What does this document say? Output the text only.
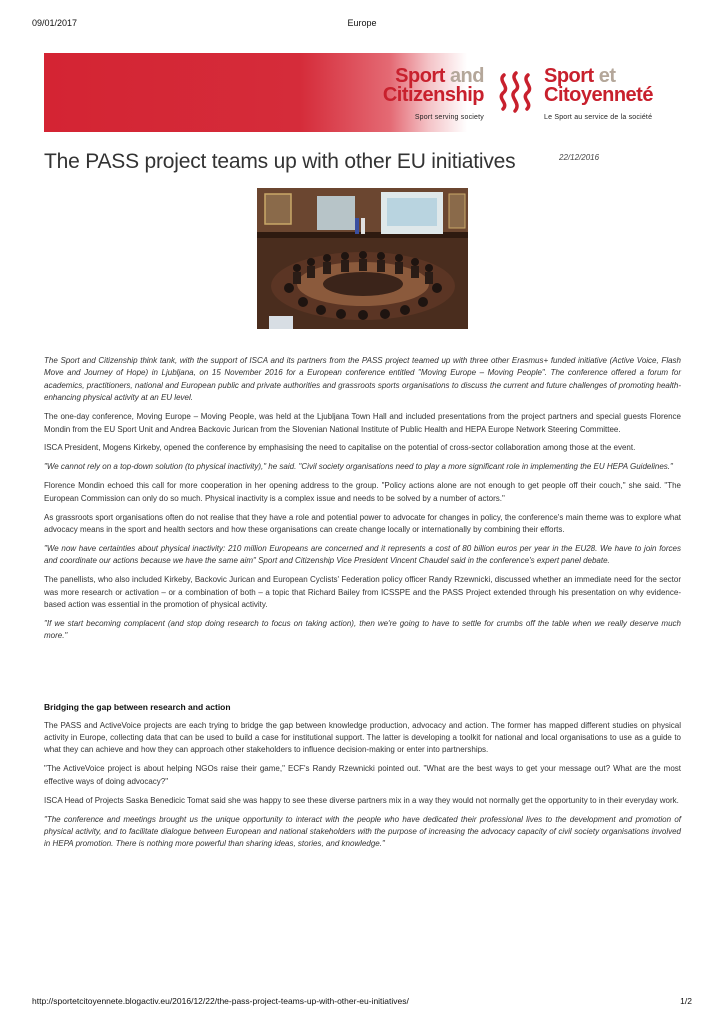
09/01/2017	Europe
Sport and
Citizenship
Sport serving society
Sport et
Citoyenneté
Le Sport au service de la société
The PASS project teams up with other EU initiatives	22/12/2016

The Sport and Citizenship think tank, with the support of ISCA and its partners from the PASS project teamed up with three other Erasmus+ funded initiative (Active Voice, Flash Move and Journey of Hope) in Ljubljana, on 15 November 2016 for a European conference entitled "Moving Europe – Moving People". The conference offered a forum for academics, practitioners, national and European public and private authorities and grassroots sports organisations to discuss the current and future challenges of promoting health-enhancing physical activity at an EU level.

The one-day conference, Moving Europe – Moving People, was held at the Ljubljana Town Hall and included presentations from the project partners and special guests Florence Mondin from the EU Sport Unit and Andrea Backovic Jurican from the Slovenian National Institute of Public Health and HEPA Europe Network Steering Committee.

ISCA President, Mogens Kirkeby, opened the conference by emphasising the need to capitalise on the potential of cross-sector collaboration among those at the event.

"We cannot rely on a top-down solution (to physical inactivity)," he said. "Civil society organisations need to play a more significant role in implementing the EU HEPA Guidelines."

Florence Mondin echoed this call for more cooperation in her opening address to the group. "Policy actions alone are not enough to get people off their couch," she said. "The European Commission can only do so much. Physical inactivity is a complex issue and needs to be solved by a number of actors."

As grassroots sport organisations often do not realise that they have a role and potential power to advocate for changes in policy, the conference's main theme was to explore what advocacy means in the sport and health sectors and how these organisations can create change locally or internationally by combining their efforts.

"We now have certainties about physical inactivity: 210 million Europeans are concerned and it represents a cost of 80 billion euros per year in the EU28. We have to join forces and coordinate our actions because we have the same aim" Sport and Citizenship Vice President Vincent Chaudel said in the conference's expert panel debate.

The panellists, who also included Kirkeby, Backovic Jurican and European Cyclists' Federation policy officer Randy Rzewnicki, discussed whether an immediate need for the sector was more research or activation – or a combination of both – a topic that Richard Bailey from ICSSPE and the PASS Project extended through his presentation on why evidence-based action was essential in the promotion of physical activity.

"If we start becoming complacent (and stop doing research to focus on taking action), then we're going to have to settle for crumbs off the table when we really deserve much more."

Bridging the gap between research and action

The PASS and ActiveVoice projects are each trying to bridge the gap between knowledge production, advocacy and action. The former has mapped different studies on physical activity in Europe, collecting data that can be used to build a case for institutional support. The latter is developing a toolkit for national and local organisations to use as a guide to what they can achieve and how they can approach other stakeholders to influence decision-making or enter into partnerships.

"The ActiveVoice project is about helping NGOs raise their game," ECF's Randy Rzewnicki pointed out. "What are the best ways to get your message out? What are the most effective ways of doing advocacy?"

ISCA Head of Projects Saska Benedicic Tomat said she was happy to see these diverse partners mix in a way they would not normally get the opportunity to in their everyday work.

"The conference and meetings brought us the unique opportunity to interact with the people who have dedicated their professional lives to the development and promotion of physical activity, and to facilitate dialogue between European and national stakeholders with the purpose of increasing the advocacy capacity of civil society organisations involved in HEPA promotion. There is nothing more powerful than sharing ideas, stories, and knowledge."

http://sportetcitoyennete.blogactiv.eu/2016/12/22/the-pass-project-teams-up-with-other-eu-initiatives/	1/2
